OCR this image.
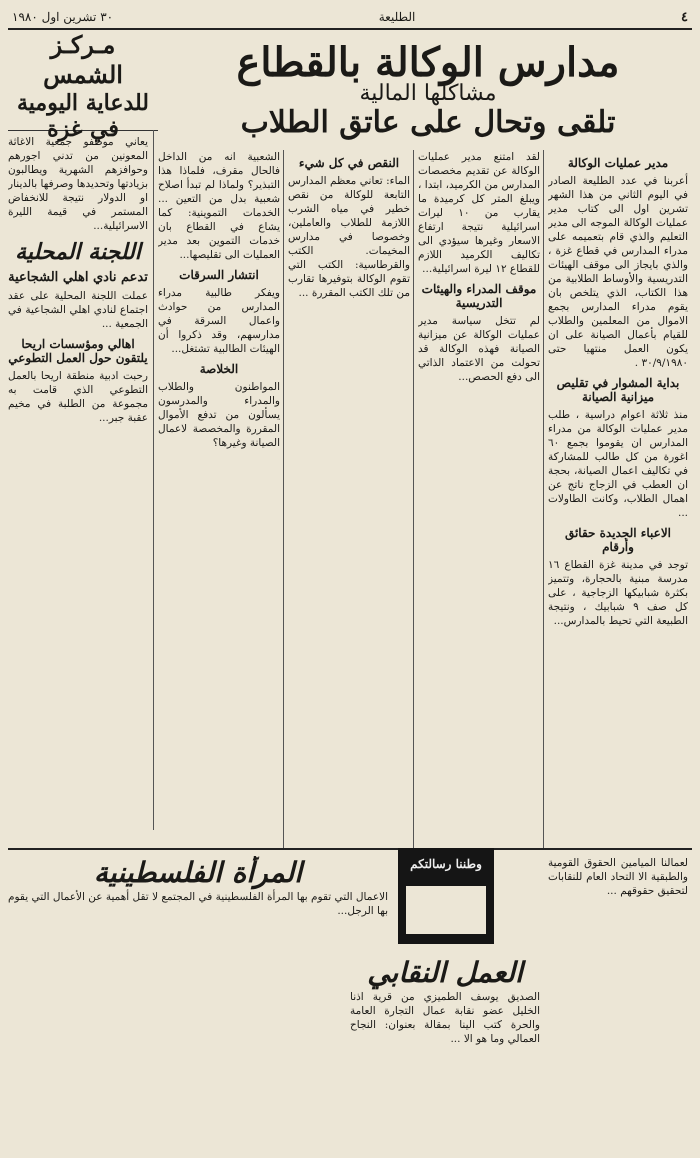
٤
الطليعة
٣٠ تشرين اول ١٩٨٠
مدارس الوكالة بالقطاع
مشاكلها المالية
تلقى وتحال على عاتق الطلاب
مـركـز الشمس
للدعاية اليومية في غزة
مدير عمليات الوكالة

أعربنا في عدد الطليعة الصادر في اليوم الثاني من هذا الشهر تشرين اول الى كتاب مدير عمليات الوكالة الموجه الى مدير التعليم والذي قام بتعميمه على مدراء المدارس في قطاع غزة ، والذي بايجاز الى موقف الهيئات التدريسية والأوساط الطلابية من هذا الكتاب، الذي يتلخص بان يقوم مدراء المدارس بجمع الاموال من المعلمين والطلاب للقيام بأعمال الصيانة على ان يكون العمل منتهيا حتى ٣٠/٩/١٩٨٠ .

بداية المشوار في تقليص ميزانية الصيانة

منذ ثلاثة اعوام دراسية ، طلب مدير عمليات الوكالة من مدراء المدارس ان يقوموا بجمع ٦٠ اغورة من كل طالب للمشاركة في تكاليف اعمال الصيانة، بحجة ان العطب في الزجاج ناتج عن اهمال الطلاب، وكانت الطاولات ...

الاعباء الجديدة حقائق وأرقام

توجد في مدينة غزة القطاع ١٦ مدرسة مبنية بالحجارة، وتتميز بكثرة شبابيكها الزجاجية ، على كل صف ٩ شبابيك ، ونتيجة الطبيعة التي تحيط بالمدارس...

لقد امتنع مدير عمليات الوكالة عن تقديم مخصصات المدارس من الكرميد، ابتدا ، ويبلغ المتر كل كرميدة ما يقارب من ١٠ ليرات اسرائيلية نتيجة ارتفاع الاسعار وغيرها سيؤدي الى تكاليف الكرميد اللازم للقطاع ١٢ ليرة اسرائيلية...

موقف المدراء والهيئات التدريسية

لم تتخل سياسة مدير عمليات الوكالة عن ميزانية الصيانة فهذه الوكالة قد تحولت من الاعتماد الذاتي الى دفع الحصص...

النقص في كل شيء

الماء: تعاني معظم المدارس التابعة للوكالة من نقص خطير في مياه الشرب اللازمة للطلاب والعاملين، وخصوصا في مدارس المخيمات. الكتب والقرطاسية: الكتب التي تقوم الوكالة بتوفيرها تقارب من تلك الكتب المقررة ...

الشعبية انه من الداخل فالحال مقرف، فلماذا هذا التبذير؟ ولماذا لم تبدأ اصلاح شعبية بدل من التعين ... الخدمات التموينية: كما يشاع في القطاع بان خدمات التموين بعد مدير العمليات الى تقليصها...

انتشار السرقات

ويفكر طالبية مدراء المدارس من حوادث واعمال السرقة في مدارسهم، وقد ذكروا أن الهيئات الطالبية تشتغل...

الخلاصة

المواطنون والطلاب والمدراء والمدرسون يسألون من تدفع الأموال المقررة والمخصصة لاعمال الصيانة وغيرها؟

يعاني موظفو جمعية الاغاثة المعونين من تدني اجورهم وحوافزهم الشهرية ويطالبون بزيادتها وتحديدها وصرفها بالدينار او الدولار نتيجة للانخفاض المستمر في قيمة الليرة الاسرائيلية...

اللجنة المحلية
تدعم نادي اهلي الشجاعية

عملت اللجنة المحلية على عقد اجتماع لنادي اهلي الشجاعية في الجمعية ...

اهالي ومؤسسات اريحا يلتقون حول العمل التطوعي

رحبت ادبية منطقة اريحا بالعمل التطوعي الذي قامت به مجموعة من الطلبة في مخيم عقبة جبر...

لعمالنا الميامين الحقوق القومية والطبقية الا التحاد العام للنقابات لتحقيق حقوقهم ...

العمل النقابي

الصديق يوسف الطميزي من قرية اذنا الخليل عضو نقابة عمال التجارة العامة والحرة كتب الينا بمقالة بعنوان: النجاح العمالي وما هو الا ...

وطننا رسالتكم
المرأة الفلسطينية

الاعمال التي تقوم بها المرأة الفلسطينية في المجتمع لا تقل أهمية عن الأعمال التي يقوم بها الرجل...
